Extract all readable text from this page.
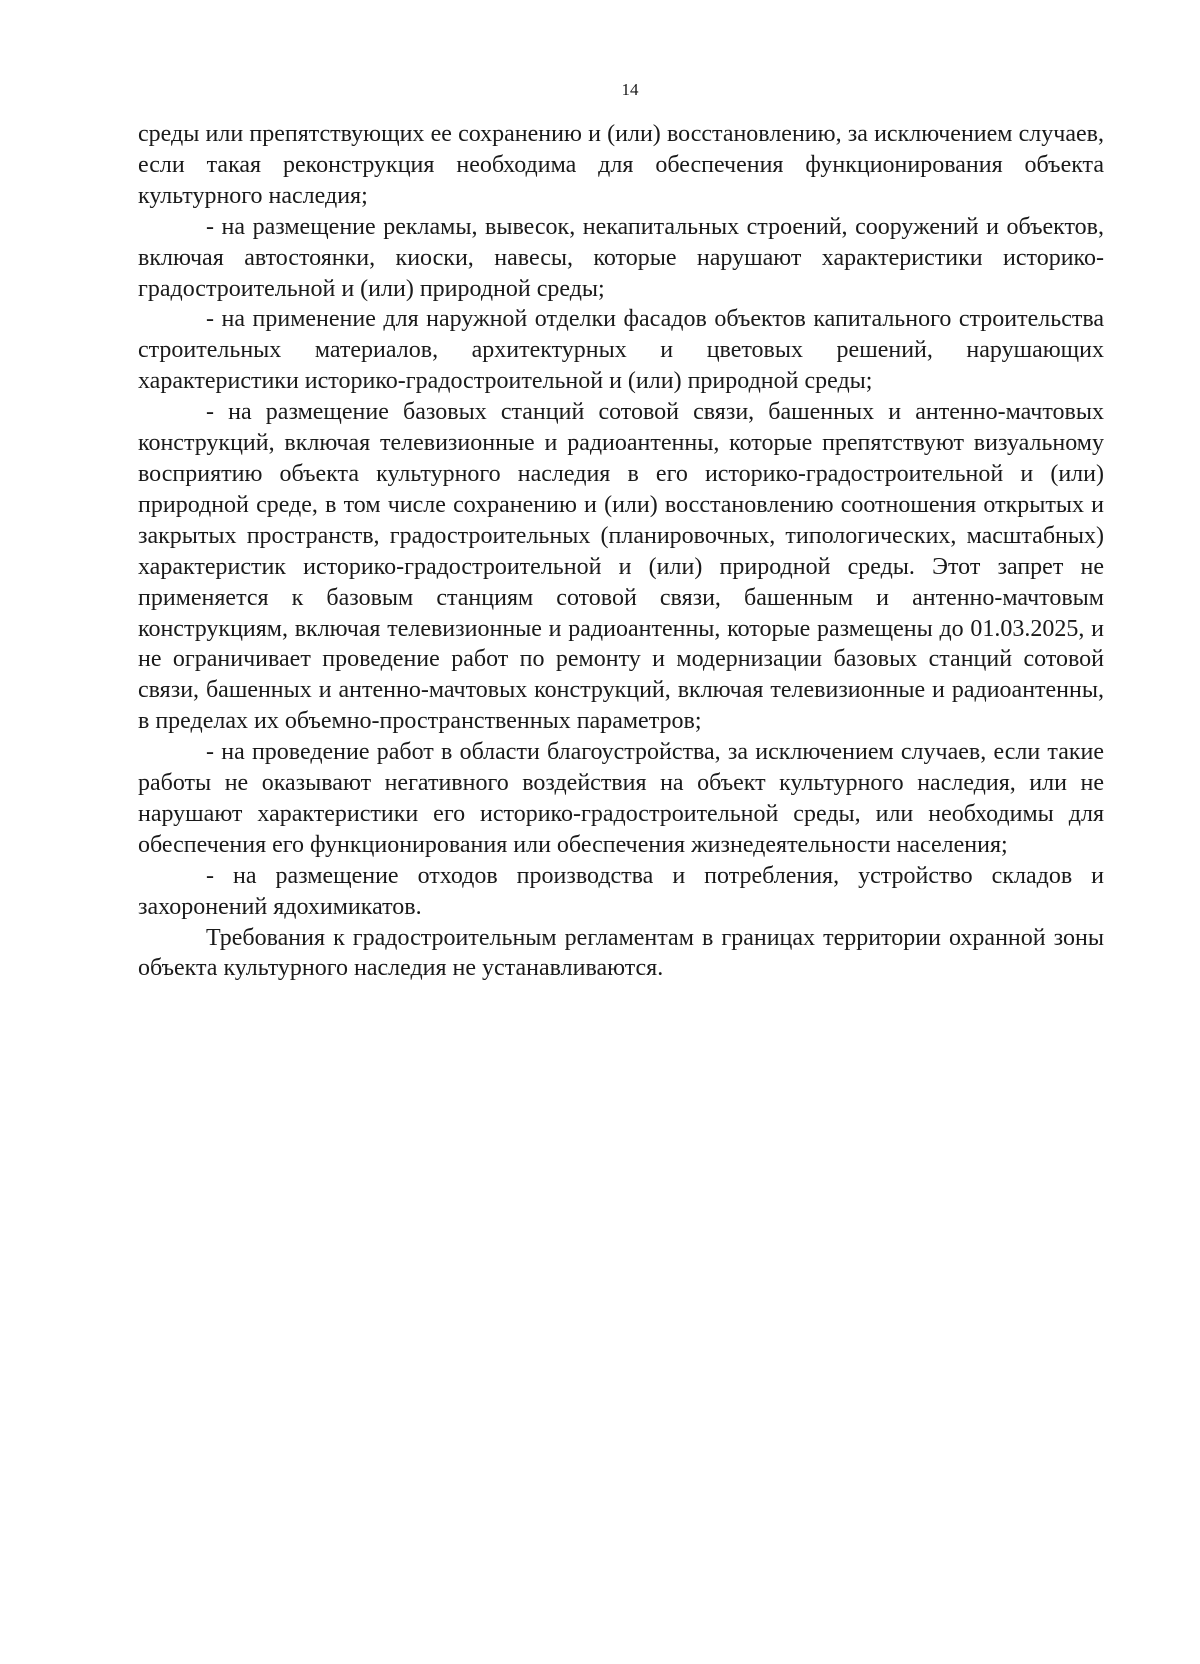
14

среды или препятствующих ее сохранению и (или) восстановлению, за исключением случаев, если такая реконструкция необходима для обеспечения функционирования объекта культурного наследия;

- на размещение рекламы, вывесок, некапитальных строений, сооружений и объектов, включая автостоянки, киоски, навесы, которые нарушают характеристики историко-градостроительной и (или) природной среды;

- на применение для наружной отделки фасадов объектов капитального строительства строительных материалов, архитектурных и цветовых решений, нарушающих характеристики историко-градостроительной и (или) природной среды;

- на размещение базовых станций сотовой связи, башенных и антенно-мачтовых конструкций, включая телевизионные и радиоантенны, которые препятствуют визуальному восприятию объекта культурного наследия в его историко-градостроительной и (или) природной среде, в том числе сохранению и (или) восстановлению соотношения открытых и закрытых пространств, градостроительных (планировочных, типологических, масштабных) характеристик историко-градостроительной и (или) природной среды. Этот запрет не применяется к базовым станциям сотовой связи, башенным и антенно-мачтовым конструкциям, включая телевизионные и радиоантенны, которые размещены до 01.03.2025, и не ограничивает проведение работ по ремонту и модернизации базовых станций сотовой связи, башенных и антенно-мачтовых конструкций, включая телевизионные и радиоантенны, в пределах их объемно-пространственных параметров;

- на проведение работ в области благоустройства, за исключением случаев, если такие работы не оказывают негативного воздействия на объект культурного наследия, или не нарушают характеристики его историко-градостроительной среды, или необходимы для обеспечения его функционирования или обеспечения жизнедеятельности населения;

- на размещение отходов производства и потребления, устройство складов и захоронений ядохимикатов.

Требования к градостроительным регламентам в границах территории охранной зоны объекта культурного наследия не устанавливаются.
